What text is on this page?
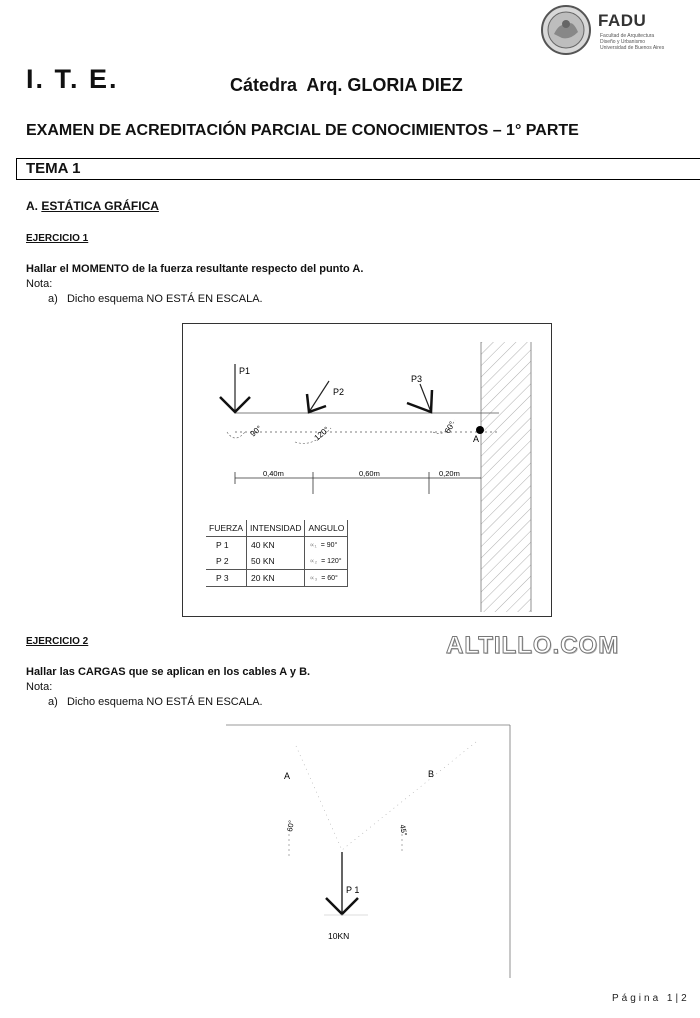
FADU
Facultad de Arquitectura
Diseño y Urbanismo
Universidad de Buenos Aires
I. T. E.	Cátedra  Arq. GLORIA DIEZ
EXAMEN DE ACREDITACIÓN PARCIAL DE CONOCIMIENTOS – 1° PARTE
TEMA 1
A. ESTÁTICA GRÁFICA
EJERCICIO 1
Hallar el MOMENTO de la fuerza resultante respecto del punto A.
Nota:
a)   Dicho esquema NO ESTÁ EN ESCALA.
P1
90°
P2
120°
P3
60°
A
0,40m	0,60m	0,20m
FUERZA	INTENSIDAD	ANGULO
P 1	40 KN	∝₁ = 90°
P 2	50 KN	∝₂ = 120°
P 3	20 KN	∝₃ = 60°
ALTILLO.COM
EJERCICIO 2
Hallar las CARGAS que se aplican en los cables A y B.
Nota:
a)   Dicho esquema NO ESTÁ EN ESCALA.
A	B
60°	45°
P 1
10KN
Página 1|2
